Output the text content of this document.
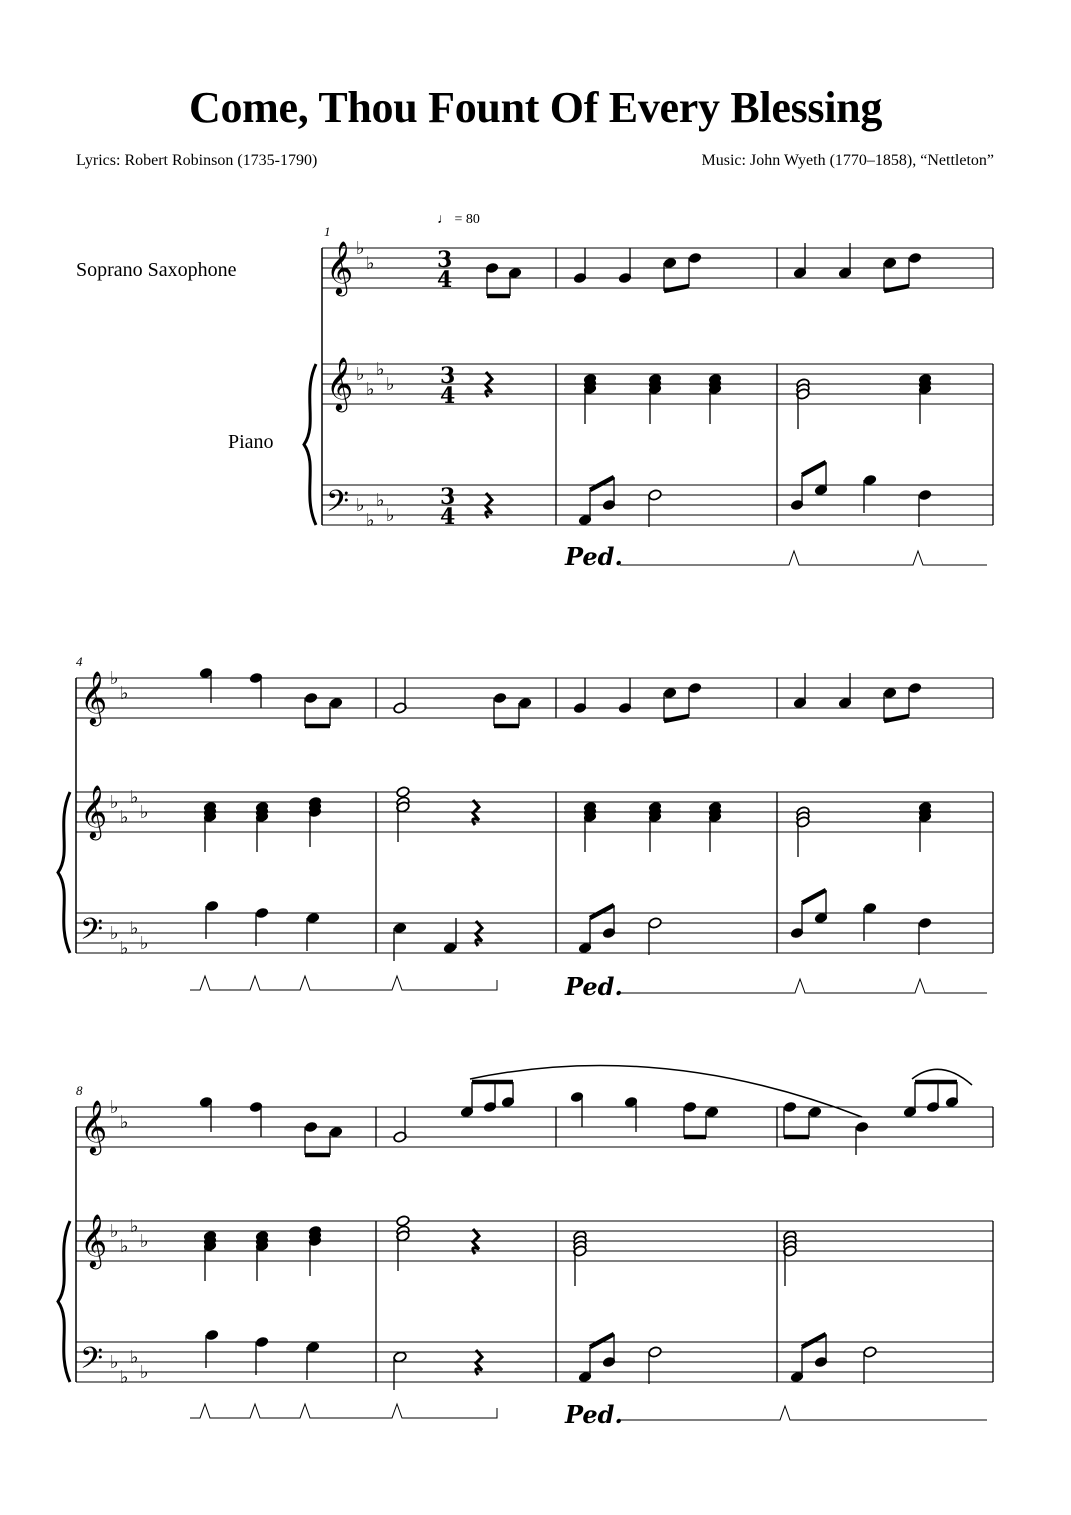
Come, Thou Fount Of Every Blessing
Lyrics: Robert Robinson (1735-1790)	Music: John Wyeth (1770–1858), “Nettleton”
Soprano Saxophone
Piano
♩ = 80
1
4
8
𝄞
𝄞
𝄢
♭
♭
♭
♭
♭
♭
♭
♭
♭
♭
3
4
3
4
3
4
𝄞
𝄞
𝄢
♭
♭
♭
♭
♭
♭
♭
♭
♭
♭
𝄞
𝄞
𝄢
♭
♭
♭
♭
♭
♭
♭
♭
♭
♭
Ped.
Ped.
Ped.
